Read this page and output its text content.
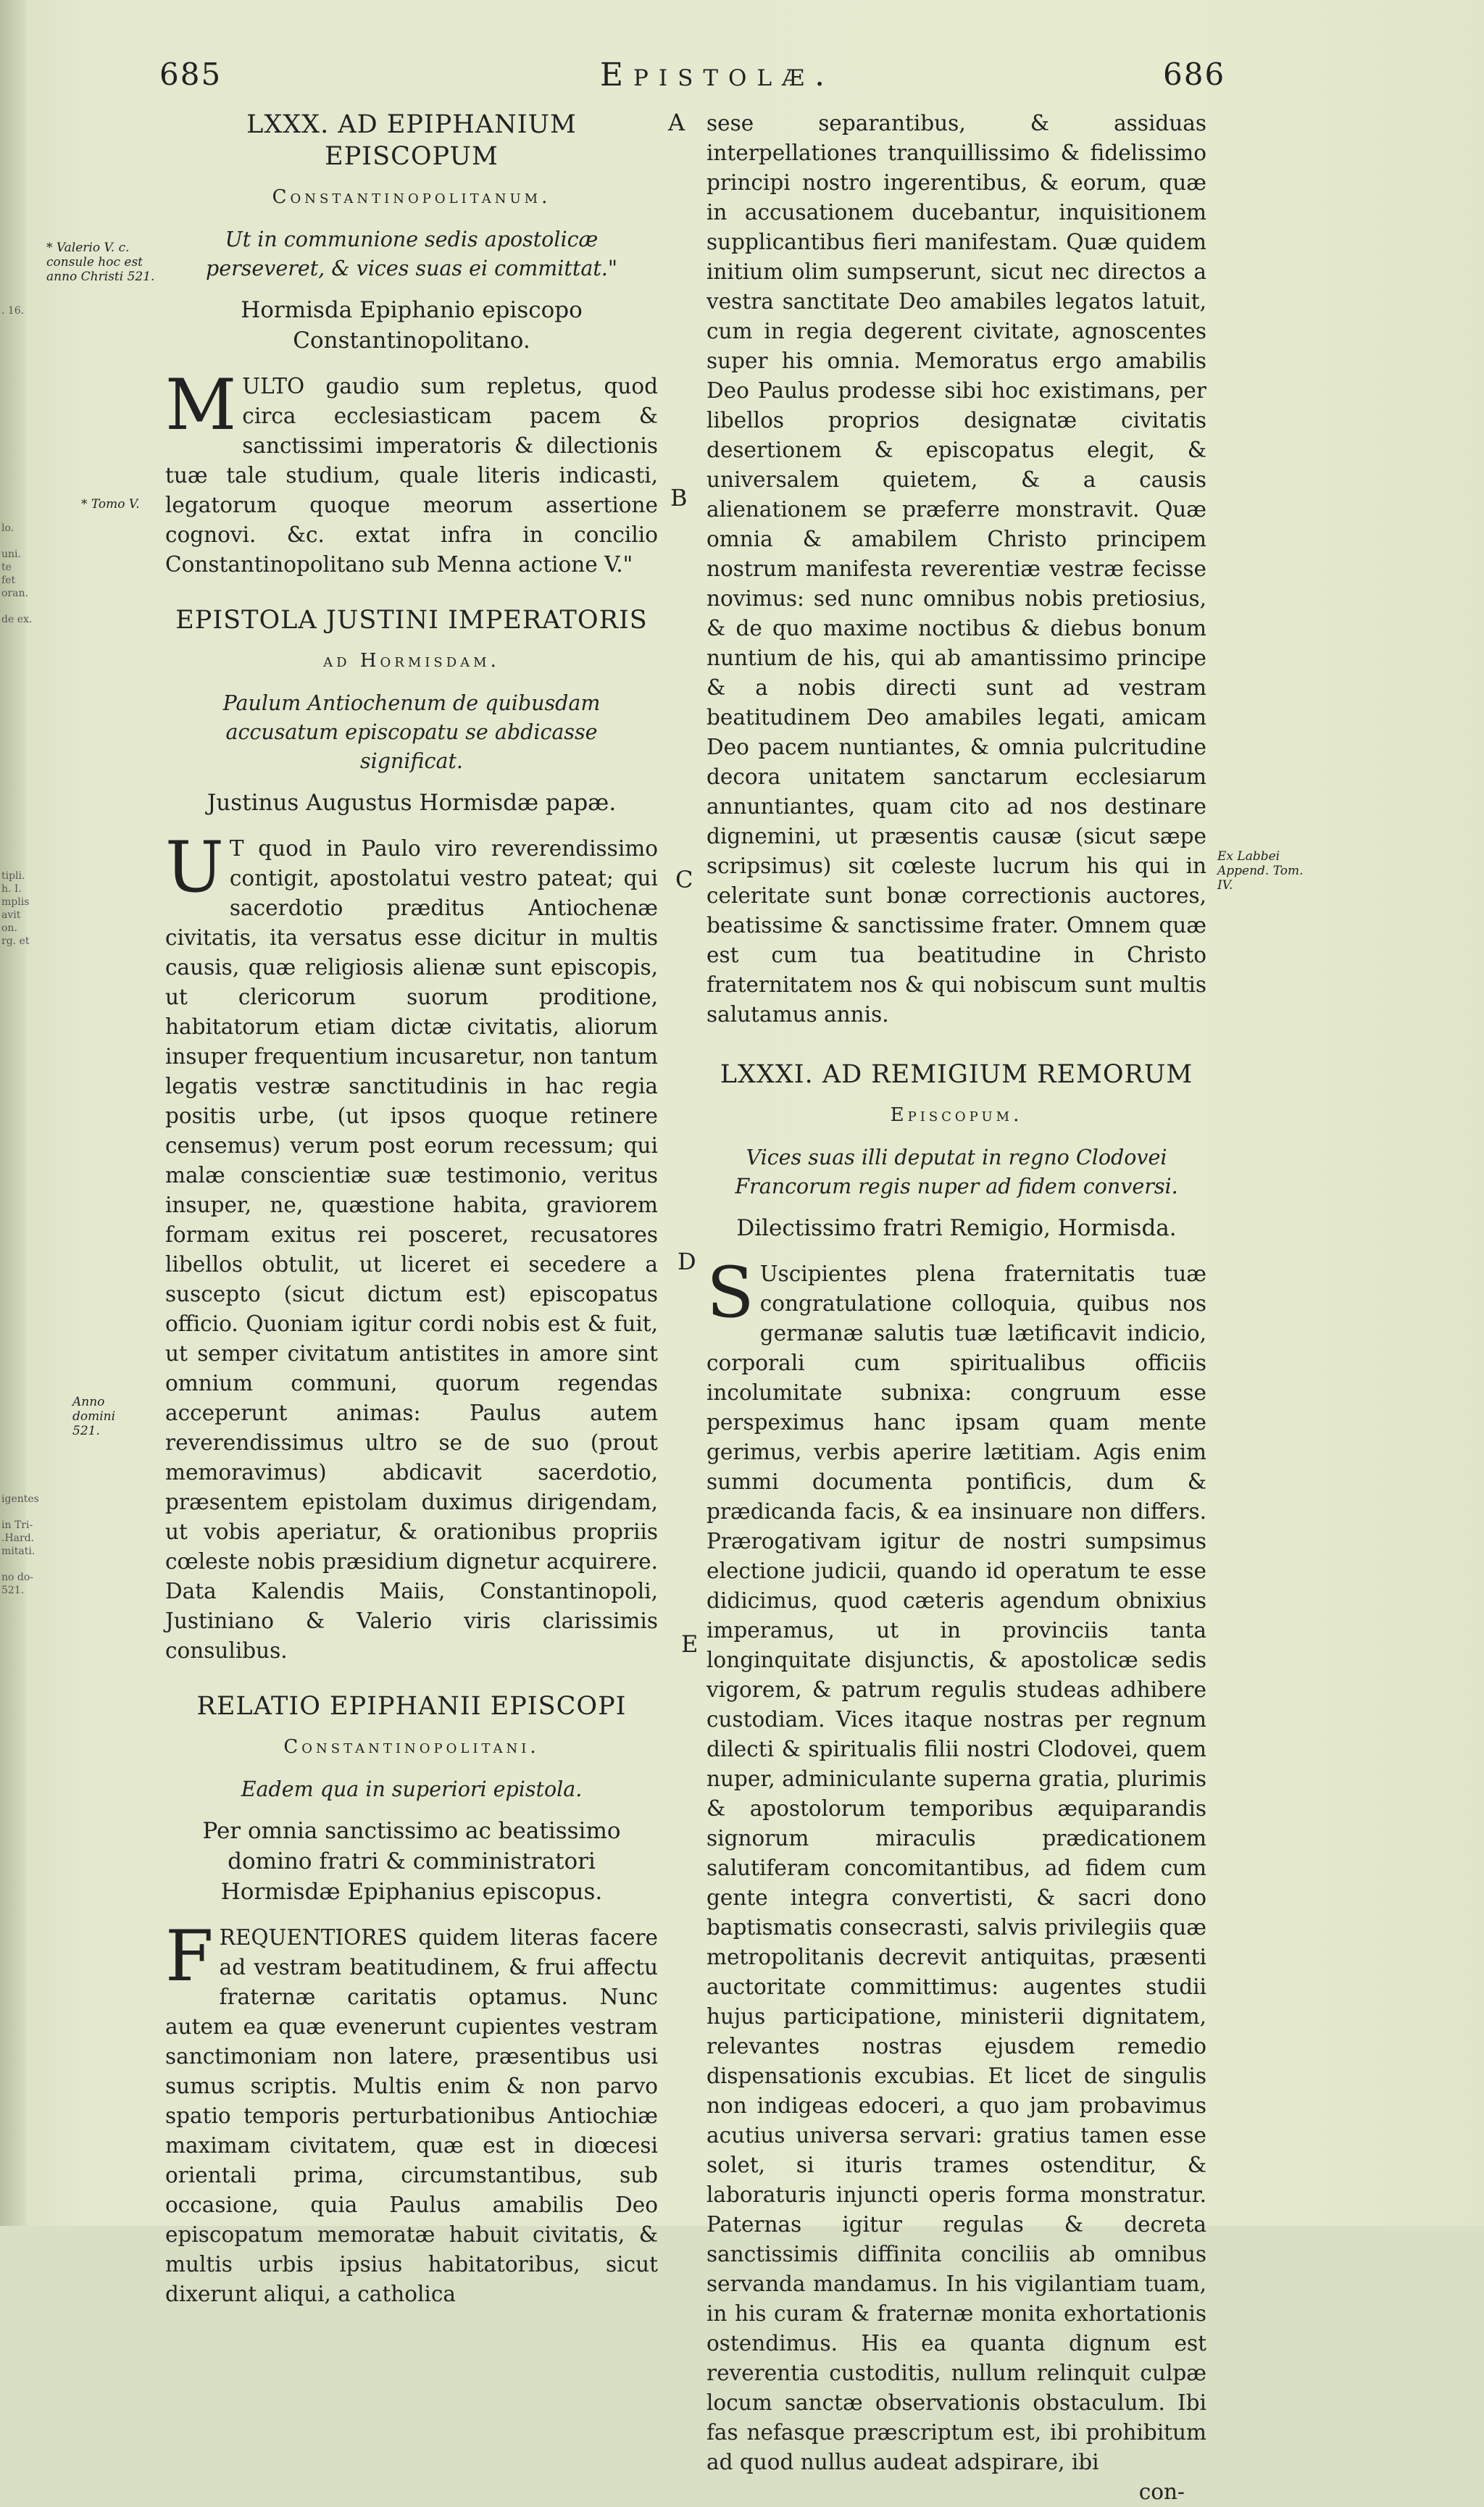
. 16.
lo.

uni.
te
fet
oran.

de ex.
tipli.
h. I.
mplis
avit
on.
rg. et
igentes

in Tri-
.Hard.
mitati.

no do-
521.
685	Epistolæ.	686
A
B
C
D
E
* Valerio V. c. consule hoc est anno Christi 521.
* Tomo V.
Anno domini 521.
Ex Labbei Append. Tom. IV.
LXXX. AD EPIPHANIUM EPISCOPUM
Constantinopolitanum.
Ut in communione sedis apostolicæ perseveret, & vices suas ei committat."
Hormisda Epiphanio episcopo Constantinopolitano.
M ULTO gaudio sum repletus, quod circa ecclesiasticam pacem & sanctissimi imperatoris & dilectionis tuæ tale studium, quale literis indicasti, legatorum quoque meorum assertione cognovi. &c. extat infra in concilio Constantinopolitano sub Menna actione V."
EPISTOLA JUSTINI IMPERATORIS
ad Hormisdam.
Paulum Antiochenum de quibusdam accusatum episcopatu se abdicasse significat.
Justinus Augustus Hormisdæ papæ.
U T quod in Paulo viro reverendissimo contigit, apostolatui vestro pateat; qui sacerdotio præditus Antiochenæ civitatis, ita versatus esse dicitur in multis causis, quæ religiosis alienæ sunt episcopis, ut clericorum suorum proditione, habitatorum etiam dictæ civitatis, aliorum insuper frequentium incusaretur, non tantum legatis vestræ sanctitudinis in hac regia positis urbe, (ut ipsos quoque retinere censemus) verum post eorum recessum; qui malæ conscientiæ suæ testimonio, veritus insuper, ne, quæstione habita, graviorem formam exitus rei posceret, recusatores libellos obtulit, ut liceret ei secedere a suscepto (sicut dictum est) episcopatus officio. Quoniam igitur cordi nobis est & fuit, ut semper civitatum antistites in amore sint omnium communi, quorum regendas acceperunt animas: Paulus autem reverendissimus ultro se de suo (prout memoravimus) abdicavit sacerdotio, præsentem epistolam duximus dirigendam, ut vobis aperiatur, & orationibus propriis cœleste nobis præsidium dignetur acquirere. Data Kalendis Maiis, Constantinopoli, Justiniano & Valerio viris clarissimis consulibus.
RELATIO EPIPHANII EPISCOPI
Constantinopolitani.
Eadem qua in superiori epistola.
Per omnia sanctissimo ac beatissimo domino fratri & comministratori Hormisdæ Epiphanius episcopus.
F REQUENTIORES quidem literas facere ad vestram beatitudinem, & frui affectu fraternæ caritatis optamus. Nunc autem ea quæ evenerunt cupientes vestram sanctimoniam non latere, præsentibus usi sumus scriptis. Multis enim & non parvo spatio temporis perturbationibus Antiochiæ maximam civitatem, quæ est in diœcesi orientali prima, circumstantibus, sub occasione, quia Paulus amabilis Deo episcopatum memoratæ habuit civitatis, & multis urbis ipsius habitatoribus, sicut dixerunt aliqui, a catholica
sese separantibus, & assiduas interpellationes tranquillissimo & fidelissimo principi nostro ingerentibus, & eorum, quæ in accusationem ducebantur, inquisitionem supplicantibus fieri manifestam. Quæ quidem initium olim sumpserunt, sicut nec directos a vestra sanctitate Deo amabiles legatos latuit, cum in regia degerent civitate, agnoscentes super his omnia. Memoratus ergo amabilis Deo Paulus prodesse sibi hoc existimans, per libellos proprios designatæ civitatis desertionem & episcopatus elegit, & universalem quietem, & a causis alienationem se præferre monstravit. Quæ omnia & amabilem Christo principem nostrum manifesta reverentiæ vestræ fecisse novimus: sed nunc omnibus nobis pretiosius, & de quo maxime noctibus & diebus bonum nuntium de his, qui ab amantissimo principe & a nobis directi sunt ad vestram beatitudinem Deo amabiles legati, amicam Deo pacem nuntiantes, & omnia pulcritudine decora unitatem sanctarum ecclesiarum annuntiantes, quam cito ad nos destinare dignemini, ut præsentis causæ (sicut sæpe scripsimus) sit cœleste lucrum his qui in celeritate sunt bonæ correctionis auctores, beatissime & sanctissime frater. Omnem quæ est cum tua beatitudine in Christo fraternitatem nos & qui nobiscum sunt multis salutamus annis.
LXXXI. AD REMIGIUM REMORUM
Episcopum.
Vices suas illi deputat in regno Clodovei Francorum regis nuper ad fidem conversi.
Dilectissimo fratri Remigio, Hormisda.
S Uscipientes plena fraternitatis tuæ congratulatione colloquia, quibus nos germanæ salutis tuæ lætificavit indicio, corporali cum spiritualibus officiis incolumitate subnixa: congruum esse perspeximus hanc ipsam quam mente gerimus, verbis aperire lætitiam. Agis enim summi documenta pontificis, dum & prædicanda facis, & ea insinuare non differs. Prærogativam igitur de nostri sumpsimus electione judicii, quando id operatum te esse didicimus, quod cæteris agendum obnixius imperamus, ut in provinciis tanta longinquitate disjunctis, & apostolicæ sedis vigorem, & patrum regulis studeas adhibere custodiam. Vices itaque nostras per regnum dilecti & spiritualis filii nostri Clodovei, quem nuper, adminiculante superna gratia, plurimis & apostolorum temporibus æquiparandis signorum miraculis prædicationem salutiferam concomitantibus, ad fidem cum gente integra convertisti, & sacri dono baptismatis consecrasti, salvis privilegiis quæ metropolitanis decrevit antiquitas, præsenti auctoritate committimus: augentes studii hujus participatione, ministerii dignitatem, relevantes nostras ejusdem remedio dispensationis excubias. Et licet de singulis non indigeas edoceri, a quo jam probavimus acutius universa servari: gratius tamen esse solet, si ituris trames ostenditur, & laboraturis injuncti operis forma monstratur. Paternas igitur regulas & decreta sanctissimis diffinita conciliis ab omnibus servanda mandamus. In his vigilantiam tuam, in his curam & fraternæ monita exhortationis ostendimus. His ea quanta dignum est reverentia custoditis, nullum relinquit culpæ locum sanctæ observationis obstaculum. Ibi fas nefasque præscriptum est, ibi prohibitum ad quod nullus audeat adspirare, ibi
con-
